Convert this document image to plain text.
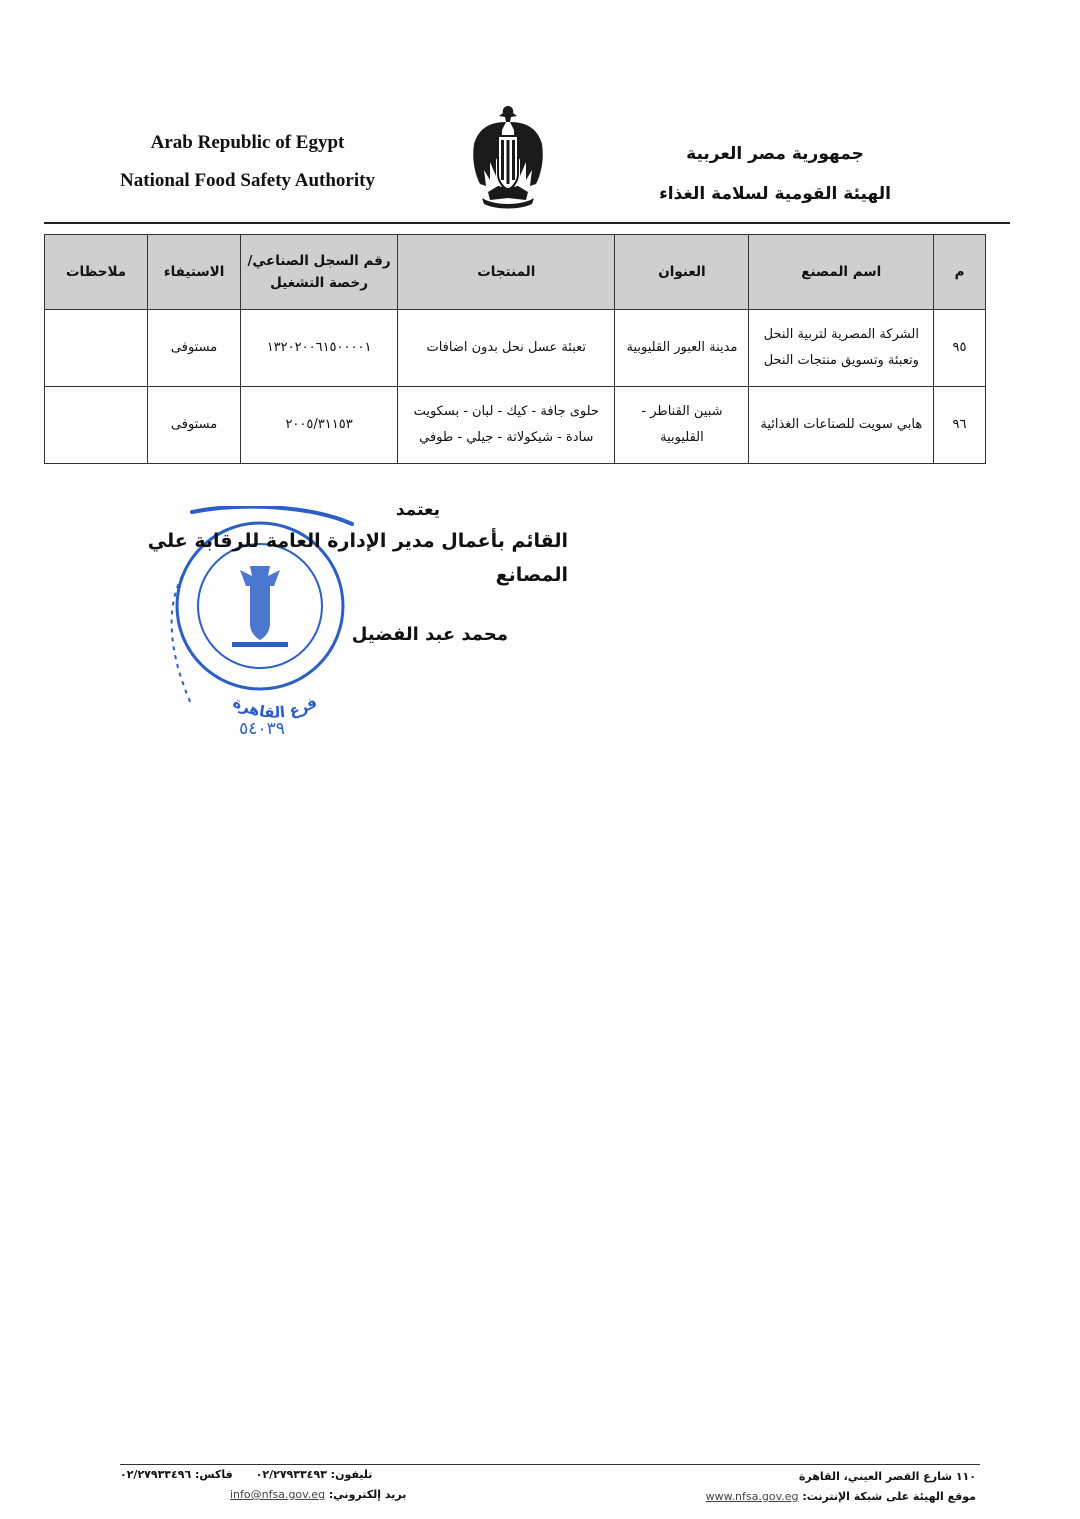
Arab Republic of Egypt
National Food Safety Authority
جمهورية مصر العربية
الهيئة القومية لسلامة الغذاء
م	اسم المصنع	العنوان	المنتجات	رقم السجل الصناعي/رخصة التشغيل	الاستيفاء	ملاحظات
٩٥	الشركة المصرية لتربية النحل وتعبئة وتسويق منتجات النحل	مدينة العبور القليوبية	تعبئة عسل نحل بدون اضافات	١٣٢٠٢٠٠٦١٥٠٠٠٠١	مستوفى	
٩٦	هابي سويت للصناعات الغذائية	شبين القناطر - القليوبية	حلوى جافة - كيك - لبان - بسكويت سادة - شيكولاتة - جيلي - طوفي	٢٠٠٥/٣١١٥٣	مستوفى	
فرع القاهرة
٥٤٠٣٩
يعتمد
القائم بأعمال مدير الإدارة العامة للرقابة علي المصانع
محمد عبد الفضيل
تليفون: ٠٢/٢٧٩٣٣٤٩٣      فاكس: ٠٢/٢٧٩٣٣٤٩٦
بريد إلكتروني: info@nfsa.gov.eg
١١٠ شارع القصر العيني، القاهرة
موقع الهيئة على شبكة الإنترنت: www.nfsa.gov.eg
